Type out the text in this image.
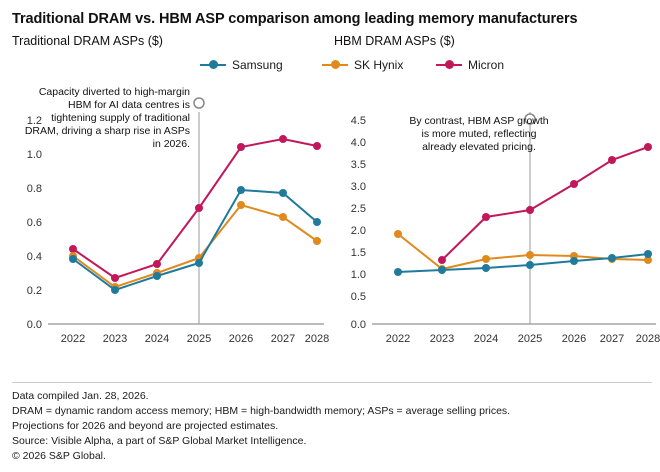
Traditional DRAM vs. HBM ASP comparison among leading memory manufacturers
Traditional DRAM ASPs ($)	HBM DRAM ASPs ($)
Samsung	SK Hynix	Micron
1.2
1.0
0.8
0.6
0.4
0.2
0.0
2022 2023 2024 2025 2026 2027 2028
Capacity diverted to high-margin
HBM for AI data centres is
tightening supply of traditional
DRAM, driving a sharp rise in ASPs
in 2026.
4.5
4.0
3.5
3.0
2.5
2.0
1.5
1.0
0.5
0.0
2022 2023 2024 2025 2026 2027 2028
By contrast, HBM ASP growth
is more muted, reflecting
already elevated pricing.
Data compiled Jan. 28, 2026.
DRAM = dynamic random access memory; HBM = high-bandwidth memory; ASPs = average selling prices.
Projections for 2026 and beyond are projected estimates.
Source: Visible Alpha, a part of S&P Global Market Intelligence.
© 2026 S&P Global.
